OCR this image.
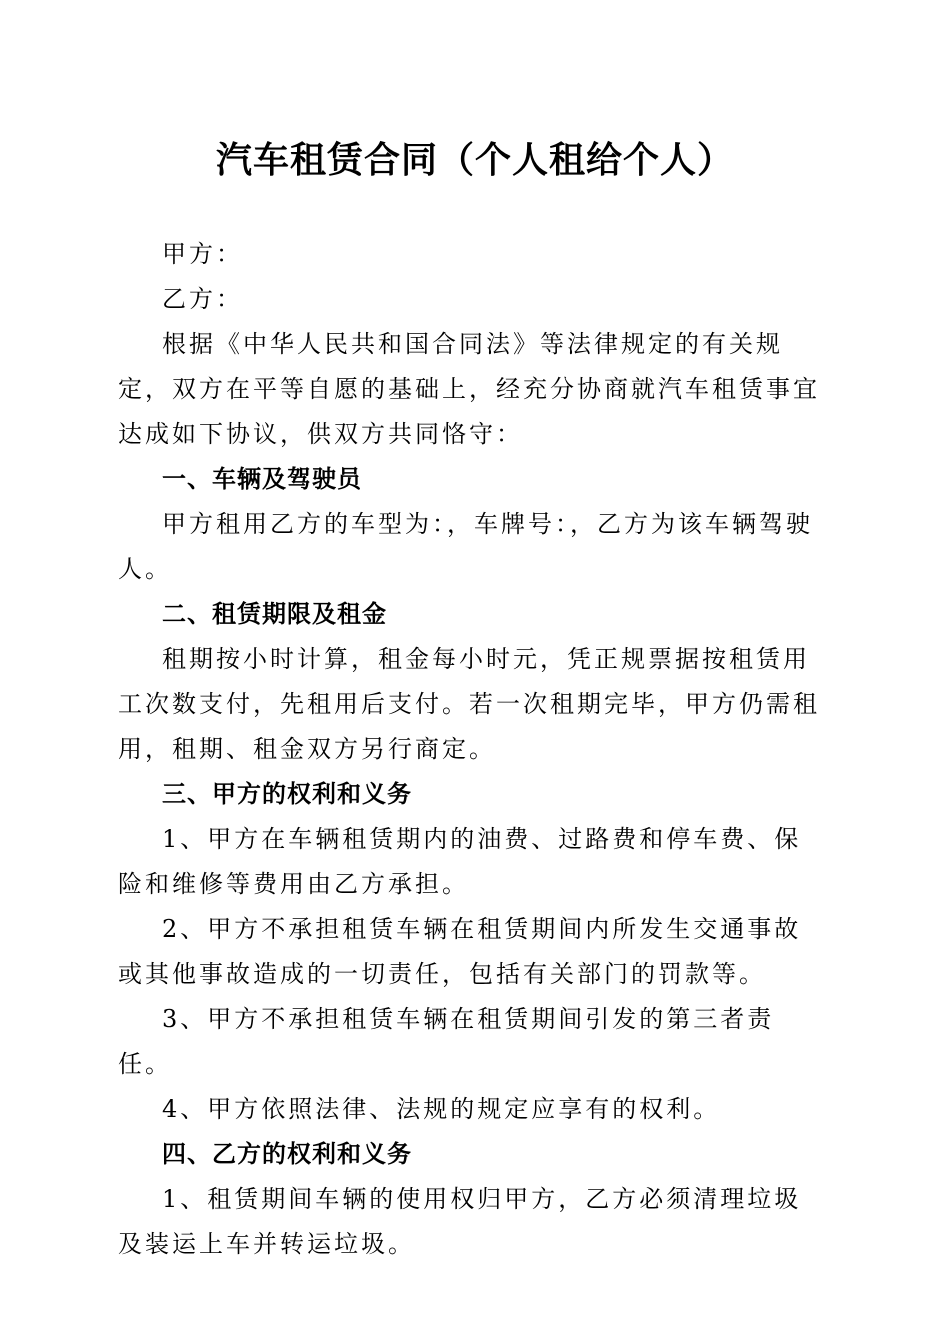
汽车租赁合同（个人租给个人）

甲方：

乙方：

根据《中华人民共和国合同法》等法律规定的有关规定，双方在平等自愿的基础上，经充分协商就汽车租赁事宜达成如下协议，供双方共同恪守：

一、车辆及驾驶员

甲方租用乙方的车型为：，车牌号：，乙方为该车辆驾驶人。

二、租赁期限及租金

租期按小时计算，租金每小时元，凭正规票据按租赁用工次数支付，先租用后支付。若一次租期完毕，甲方仍需租用，租期、租金双方另行商定。

三、甲方的权利和义务

1、甲方在车辆租赁期内的油费、过路费和停车费、保险和维修等费用由乙方承担。

2、甲方不承担租赁车辆在租赁期间内所发生交通事故或其他事故造成的一切责任，包括有关部门的罚款等。

3、甲方不承担租赁车辆在租赁期间引发的第三者责任。

4、甲方依照法律、法规的规定应享有的权利。

四、乙方的权利和义务

1、租赁期间车辆的使用权归甲方，乙方必须清理垃圾及装运上车并转运垃圾。
